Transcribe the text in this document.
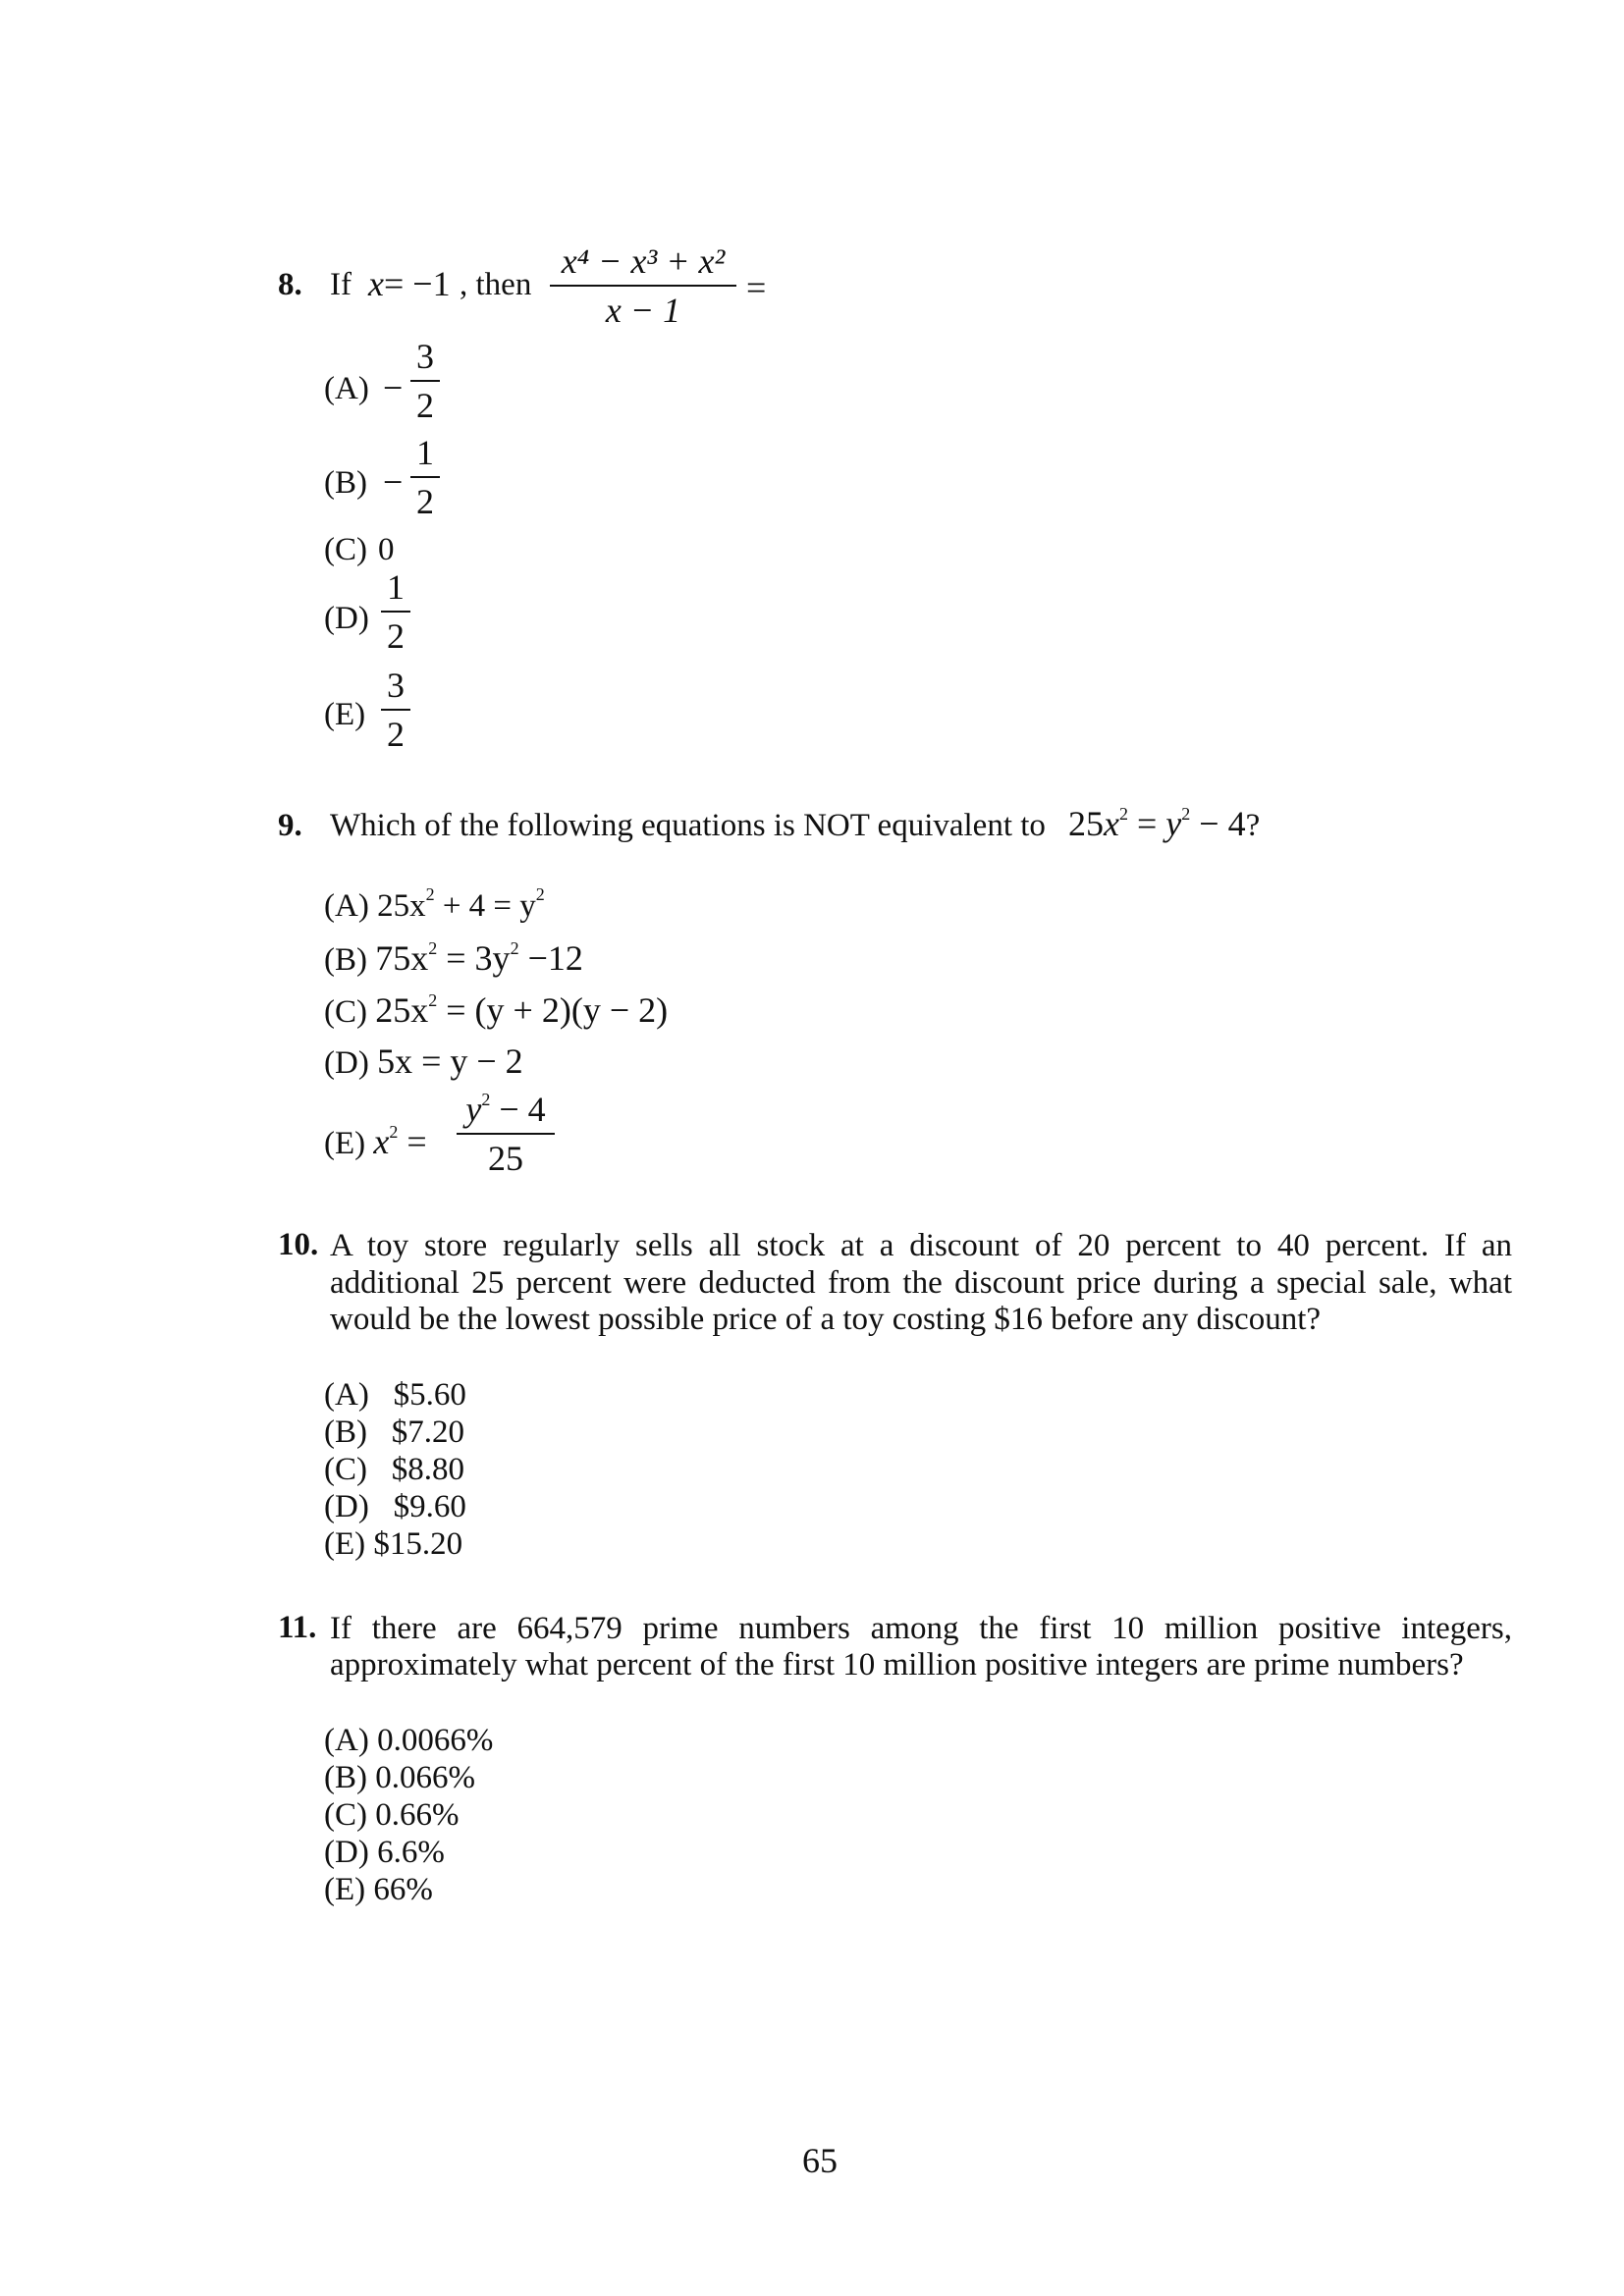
8. If x= −1 , then
x⁴ − x³ + x²
x − 1
=
(A) −
3
2
(B) −
1
2
(C) 0
(D)
1
2
(E)
3
2
9. Which of the following equations is NOT equivalent to $25x^2 = y^2 - 4$?
(A) $25x^2 + 4 = y^2$
(B) $75x^2 = 3y^2 -12$
(C) $25x^2 = (y + 2)(y - 2)$
(D) 5x = y − 2
(E) $x^2$ =
$y^2 - 4$
25
10. A toy store regularly sells all stock at a discount of 20 percent to 40 percent. If an
additional 25 percent were deducted from the discount price during a special sale, what
would be the lowest possible price of a toy costing $16 before any discount?
(A) $5.60
(B) $7.20
(C) $8.80
(D) $9.60
(E) $15.20
11. If there are 664,579 prime numbers among the first 10 million positive integers,
approximately what percent of the first 10 million positive integers are prime numbers?
(A) 0.0066%
(B) 0.066%
(C) 0.66%
(D) 6.6%
(E) 66%
65
